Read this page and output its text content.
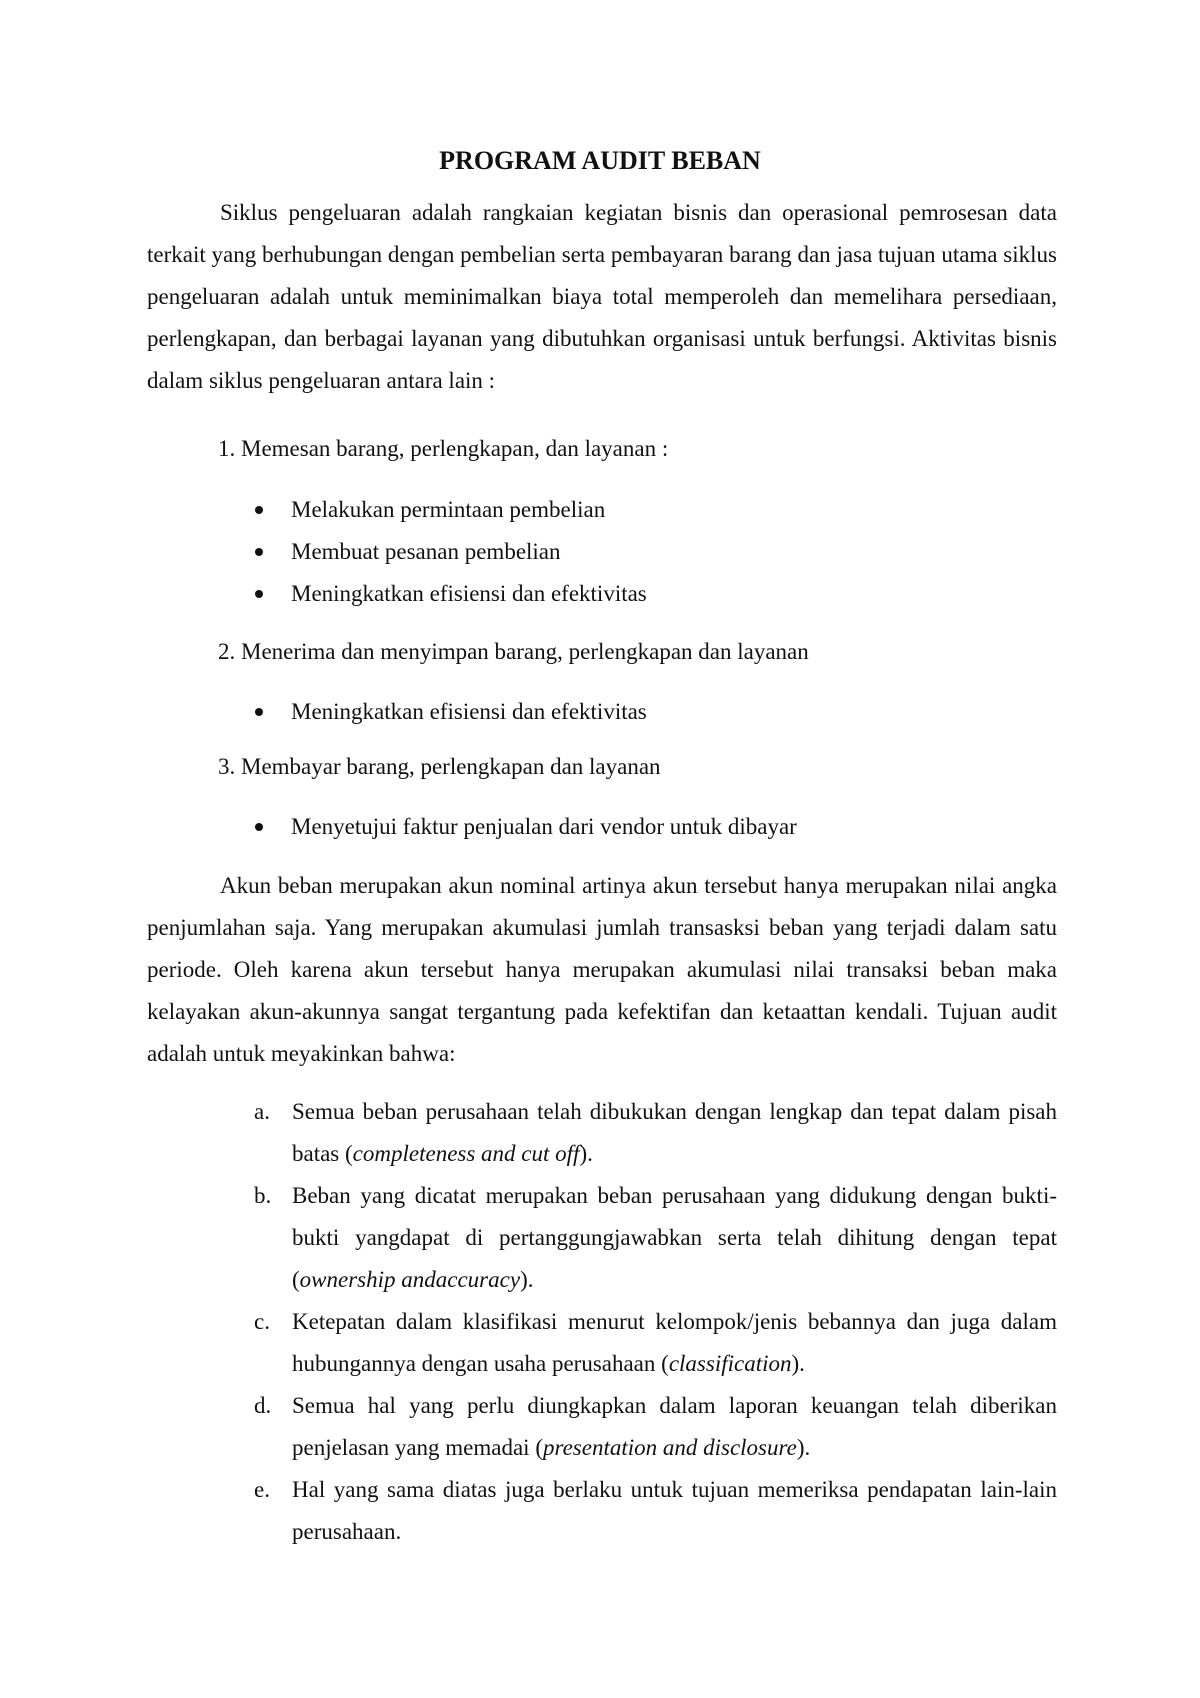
PROGRAM AUDIT BEBAN

Siklus pengeluaran adalah rangkaian kegiatan bisnis dan operasional pemrosesan data terkait yang berhubungan dengan pembelian serta pembayaran barang dan jasa tujuan utama siklus pengeluaran adalah untuk meminimalkan biaya total memperoleh dan memelihara persediaan, perlengkapan, dan berbagai layanan yang dibutuhkan organisasi untuk berfungsi. Aktivitas bisnis dalam siklus pengeluaran antara lain :

1. Memesan barang, perlengkapan, dan layanan :

Melakukan permintaan pembelian
Membuat pesanan pembelian
Meningkatkan efisiensi dan efektivitas

2. Menerima dan menyimpan barang, perlengkapan dan layanan

Meningkatkan efisiensi dan efektivitas

3. Membayar barang, perlengkapan dan layanan

Menyetujui faktur penjualan dari vendor untuk dibayar

Akun beban merupakan akun nominal artinya akun tersebut hanya merupakan nilai angka penjumlahan saja. Yang merupakan akumulasi jumlah transasksi beban yang terjadi dalam satu periode. Oleh karena akun tersebut hanya merupakan akumulasi nilai transaksi beban maka kelayakan akun-akunnya sangat tergantung pada kefektifan dan ketaattan kendali. Tujuan audit adalah untuk meyakinkan bahwa:

a. Semua beban perusahaan telah dibukukan dengan lengkap dan tepat dalam pisah batas (completeness and cut off).
b. Beban yang dicatat merupakan beban perusahaan yang didukung dengan bukti-bukti yangdapat di pertanggungjawabkan serta telah dihitung dengan tepat (ownership andaccuracy).
c. Ketepatan dalam klasifikasi menurut kelompok/jenis bebannya dan juga dalam hubungannya dengan usaha perusahaan (classification).
d. Semua hal yang perlu diungkapkan dalam laporan keuangan telah diberikan penjelasan yang memadai (presentation and disclosure).
e. Hal yang sama diatas juga berlaku untuk tujuan memeriksa pendapatan lain-lain perusahaan.
